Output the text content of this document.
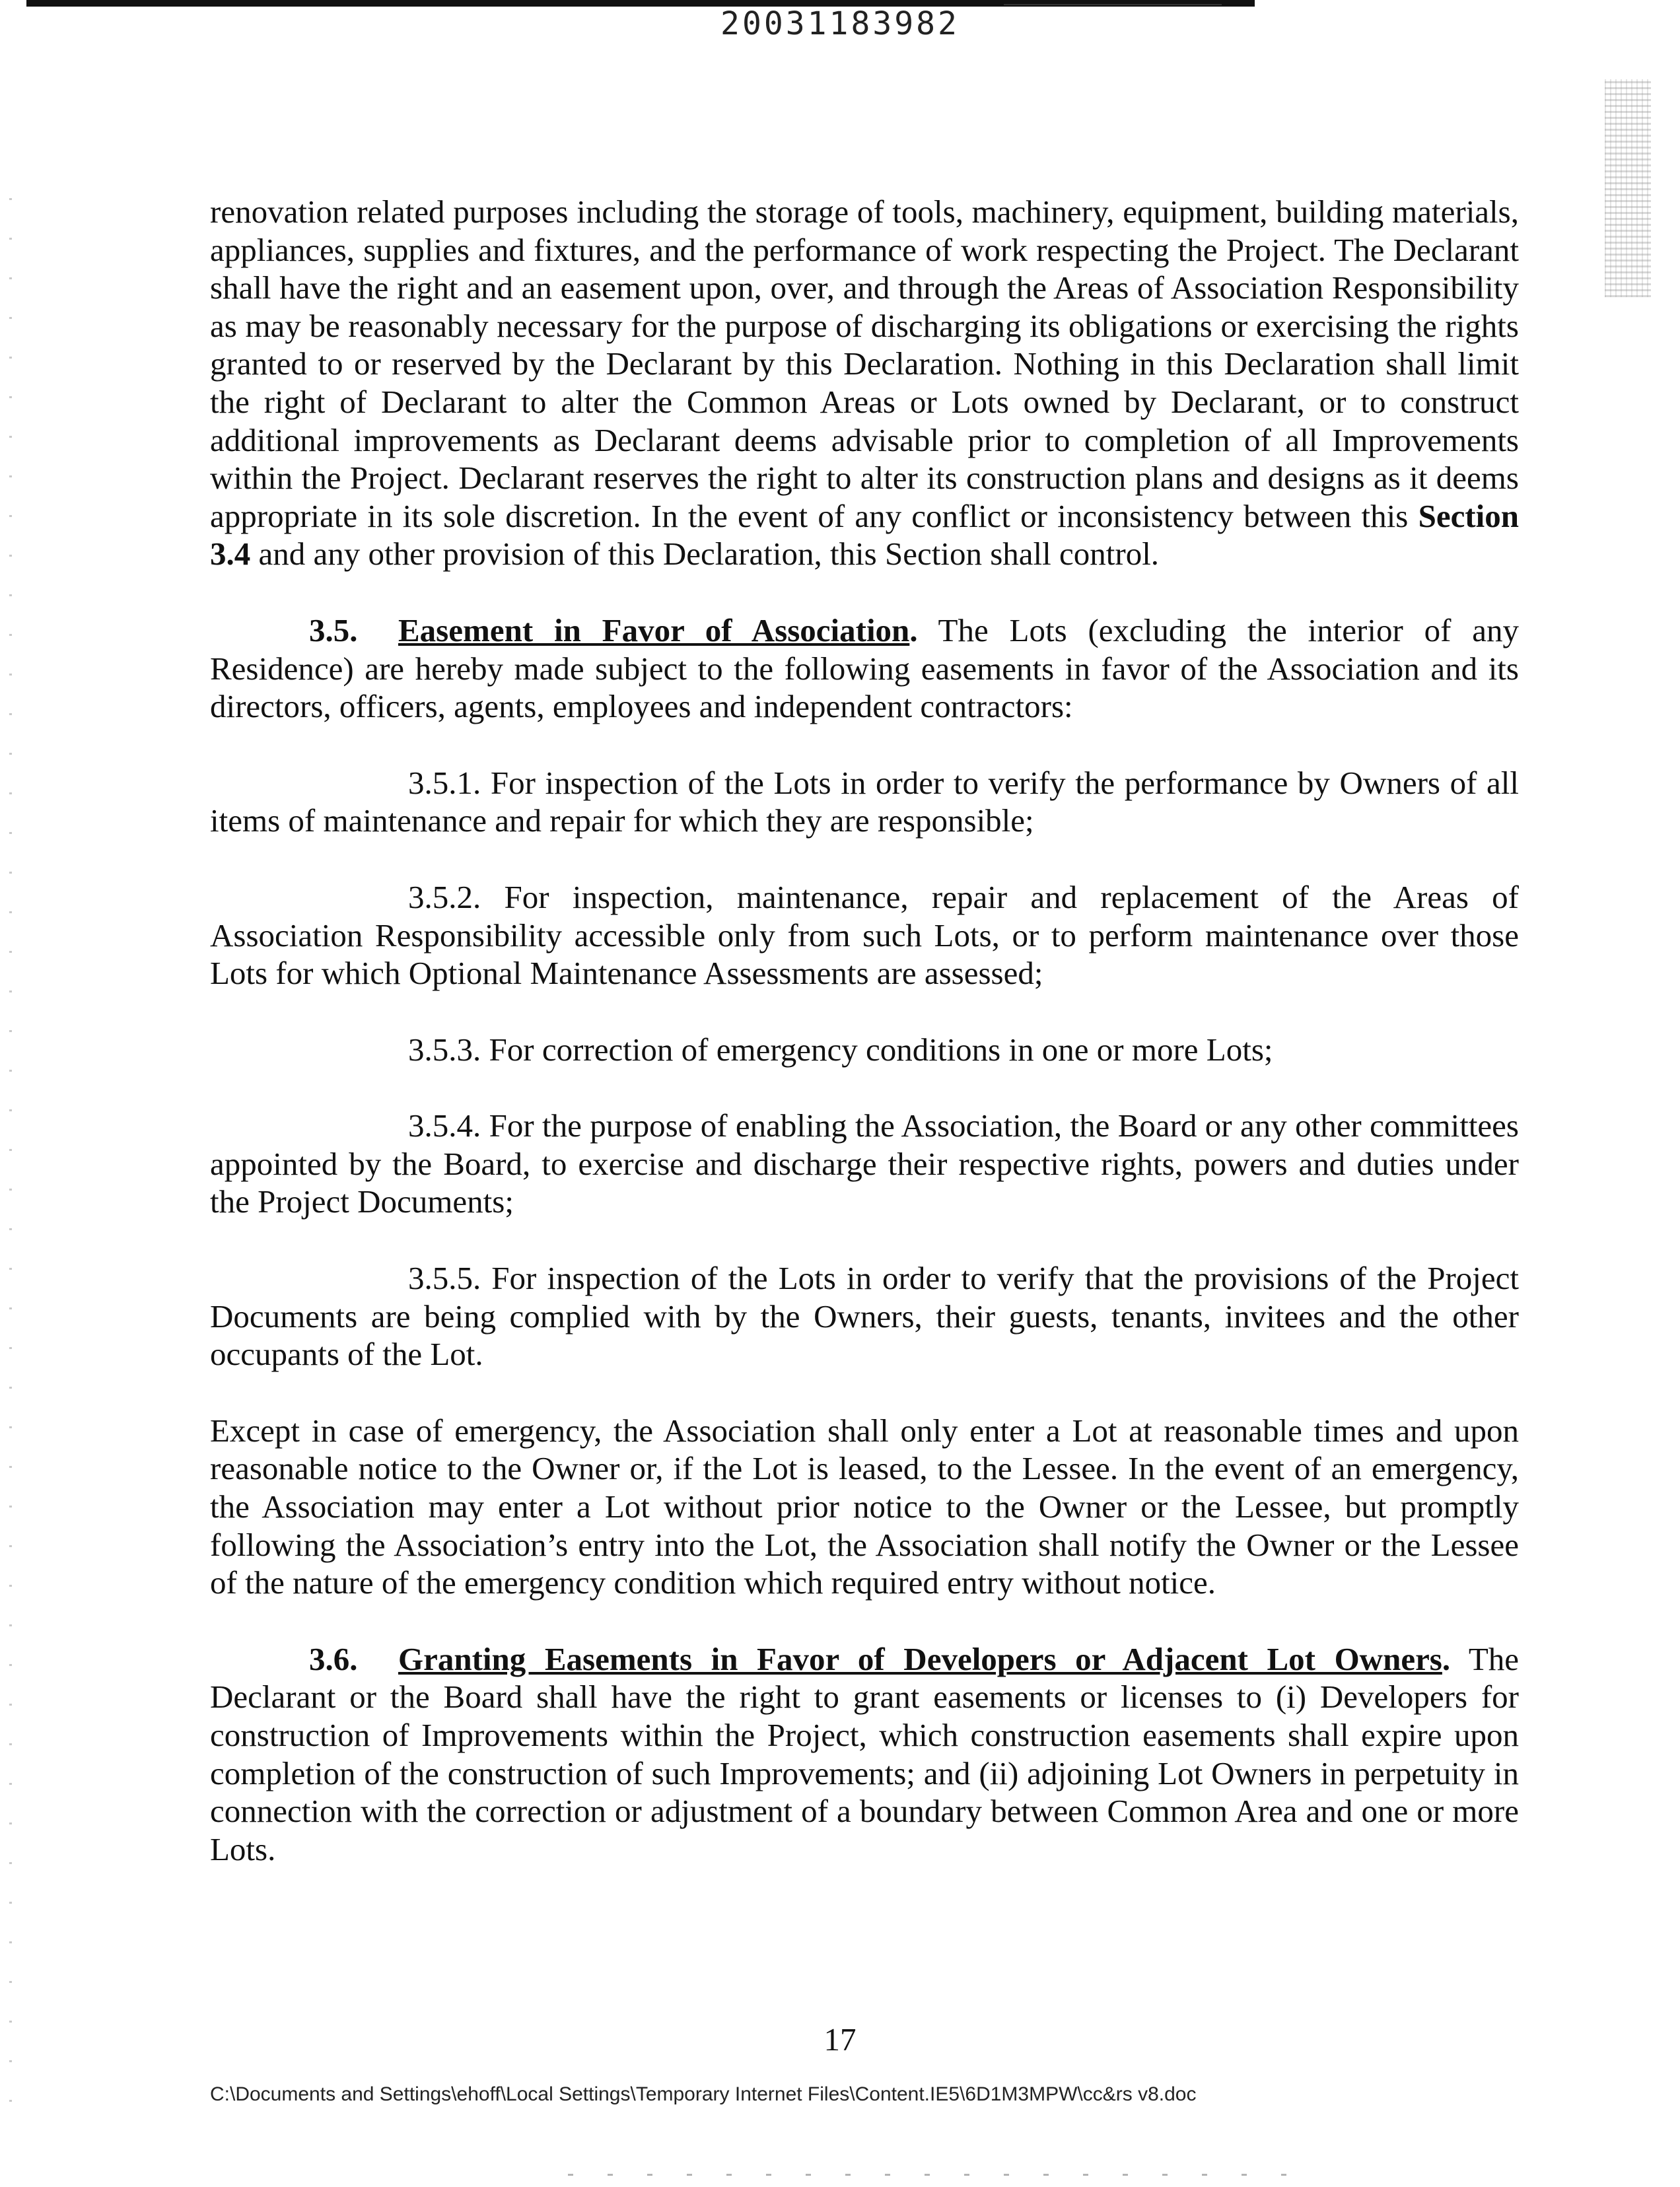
20031183982

renovation related purposes including the storage of tools, machinery, equipment, building materials, appliances, supplies and fixtures, and the performance of work respecting the Project. The Declarant shall have the right and an easement upon, over, and through the Areas of Association Responsibility as may be reasonably necessary for the purpose of discharging its obligations or exercising the rights granted to or reserved by the Declarant by this Declaration. Nothing in this Declaration shall limit the right of Declarant to alter the Common Areas or Lots owned by Declarant, or to construct additional improvements as Declarant deems advisable prior to completion of all Improvements within the Project. Declarant reserves the right to alter its construction plans and designs as it deems appropriate in its sole discretion. In the event of any conflict or inconsistency between this Section 3.4 and any other provision of this Declaration, this Section shall control.

3.5. Easement in Favor of Association. The Lots (excluding the interior of any Residence) are hereby made subject to the following easements in favor of the Association and its directors, officers, agents, employees and independent contractors:

3.5.1. For inspection of the Lots in order to verify the performance by Owners of all items of maintenance and repair for which they are responsible;

3.5.2. For inspection, maintenance, repair and replacement of the Areas of Association Responsibility accessible only from such Lots, or to perform maintenance over those Lots for which Optional Maintenance Assessments are assessed;

3.5.3. For correction of emergency conditions in one or more Lots;

3.5.4. For the purpose of enabling the Association, the Board or any other committees appointed by the Board, to exercise and discharge their respective rights, powers and duties under the Project Documents;

3.5.5. For inspection of the Lots in order to verify that the provisions of the Project Documents are being complied with by the Owners, their guests, tenants, invitees and the other occupants of the Lot.

Except in case of emergency, the Association shall only enter a Lot at reasonable times and upon reasonable notice to the Owner or, if the Lot is leased, to the Lessee. In the event of an emergency, the Association may enter a Lot without prior notice to the Owner or the Lessee, but promptly following the Association’s entry into the Lot, the Association shall notify the Owner or the Lessee of the nature of the emergency condition which required entry without notice.

3.6. Granting Easements in Favor of Developers or Adjacent Lot Owners. The Declarant or the Board shall have the right to grant easements or licenses to (i) Developers for construction of Improvements within the Project, which construction easements shall expire upon completion of the construction of such Improvements; and (ii) adjoining Lot Owners in perpetuity in connection with the correction or adjustment of a boundary between Common Area and one or more Lots.

17
C:\Documents and Settings\ehoff\Local Settings\Temporary Internet Files\Content.IE5\6D1M3MPW\cc&rs v8.doc
